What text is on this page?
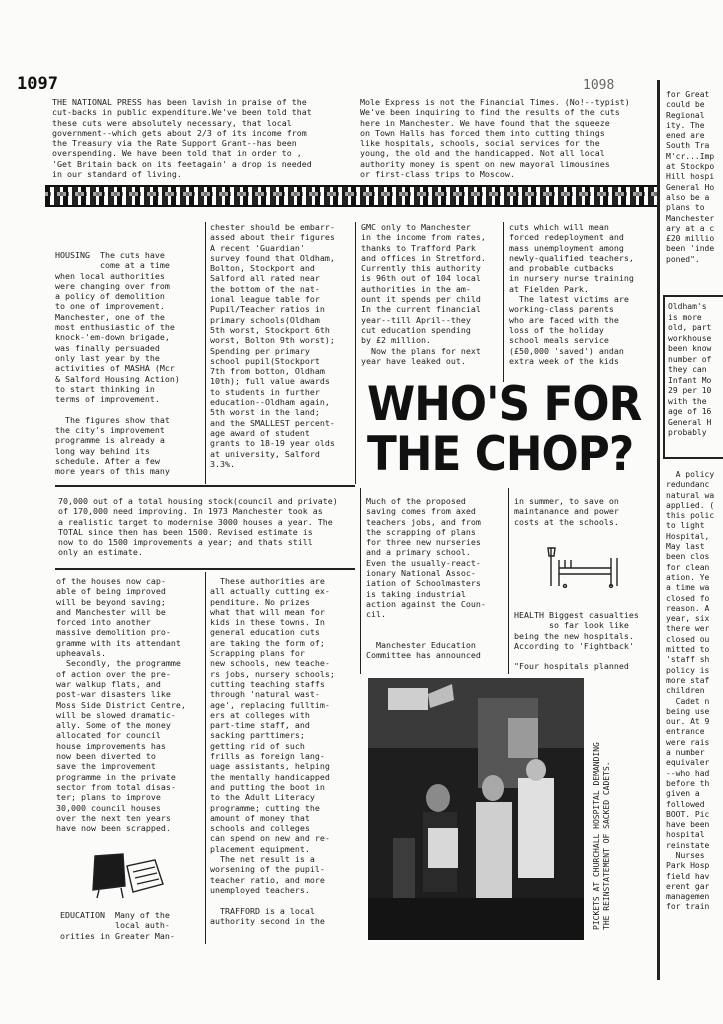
1097	1098
THE NATIONAL PRESS has been lavish in praise of the
cut-backs in public expenditure.We've been told that
these cuts were absolutely necessary, that local
government--which gets about 2/3 of its income from
the Treasury via the Rate Support Grant--has been
overspending. We have been told that in order to ,
'Get Britain back on its feetagain' a drop is needed
in our standard of living.
Mole Express is not the Financial Times. (No!--typist)
We've been inquiring to find the results of the cuts
here in Manchester. We have found that the squeeze
on Town Halls has forced them into cutting things
like hospitals, schools, social services for the
young, the old and the handicapped. Not all local
authority money is spent on new mayoral limousines
or first-class trips to Moscow.
HOUSING  The cuts have
come at a time
when local authorities
were changing over from
a policy of demolition
to one of improvement.
Manchester, one of the
most enthusiastic of the
knock-'em-down brigade,
was finally persuaded
only last year by the
activities of MASHA (Mcr
& Salford Housing Action)
to start thinking in
terms of improvement.

The figures show that
the city's improvement
programme is already a
long way behind its
schedule. After a few
more years of this many
chester should be embarr-
assed about their figures
A recent 'Guardian'
survey found that Oldham,
Bolton, Stockport and
Salford all rated near
the bottom of the nat-
ional league table for
Pupil/Teacher ratios in
primary schools(Oldham
5th worst, Stockport 6th
worst, Bolton 9th worst);
Spending per primary
school pupil(Stockport
7th from botton, Oldham
10th); full value awards
to students in further
education--Oldham again,
5th worst in the land;
and the SMALLEST percent-
age award of student
grants to 18-19 year olds
at university, Salford
3.3%.
GMC only to Manchester
in the income from rates,
thanks to Trafford Park
and offices in Stretford.
Currently this authority
is 96th out of 104 local
authorities in the am-
ount it spends per child
In the current financial
year--till April--they
cut education spending
by £2 million.
Now the plans for next
year have leaked out.
cuts which will mean
forced redeployment and
mass unemployment among
newly-qualified teachers,
and probable cutbacks
in nursery nurse training
at Fielden Park.
The latest victims are
working-class parents
who are faced with the
loss of the holiday
school meals service
(£50,000 'saved') andan
extra week of the kids
WHO'S FOR
THE CHOP?
70,000 out of a total housing stock(council and private)
of 170,000 need improving. In 1973 Manchester took as
a realistic target to modernise 3000 houses a year. The
TOTAL since then has been 1500. Revised estimate is
now to do 1500 improvements a year; and thats still
only an estimate.
Much of the proposed
saving comes from axed
teachers jobs, and from
the scrapping of plans
for three new nurseries
and a primary school.
Even the usually-react-
ionary National Assoc-
iation of Schoolmasters
is taking industrial
action against the Coun-
cil.

Manchester Education
Committee has announced
in summer, to save on
maintanance and power
costs at the schools.
HEALTH Biggest casualties
so far look like
being the new hospitals.
According to 'Fightback'

"Four hospitals planned
of the houses now cap-
able of being improved
will be beyond saving;
and Manchester will be
forced into another
massive demolition pro-
gramme with its attendant
upheavals.
Secondly, the programme
of action over the pre-
war walkup flats, and
post-war disasters like
Moss Side District Centre,
will be slowed dramatic-
ally. Some of the money
allocated for council
house improvements has
now been diverted to
save the improvement
programme in the private
sector from total disas-
ter; plans to improve
30,000 council houses
over the next ten years
have now been scrapped.
EDUCATION  Many of the
local auth-
orities in Greater Man-
These authorities are
all actually cutting ex-
penditure. No prizes
what that will mean for
kids in these towns. In
general education cuts
are taking the form of;
Scrapping plans for
new schools, new teache-
rs jobs, nursery schools;
cutting teaching staffs
through 'natural wast-
age', replacing fulltim-
ers at colleges with
part-time staff, and
sacking parttimers;
getting rid of such
frills as foreign lang-
uage assistants, helping
the mentally handicapped
and putting the boot in
to the Adult Literacy
programme; cutting the
amount of money that
schools and colleges
can spend on new and re-
placement equipment.
The net result is a
worsening of the pupil-
teacher ratio, and more
unemployed teachers.

TRAFFORD is a local
authority second in the	PICKETS AT CHURCHALL HOSPITAL DEMANDING
THE REINSTATEMENT OF SACKED CADETS.
for Great
could be
Regional
ity. The
ened are
South Tra
M'cr...Imp
at Stockpo
Hill hospi
General Ho
also be a
plans to
Manchester
ary at a c
£20 millio
been 'inde
poned".
Oldham's
is more
old, part
workhouse
been know
number of
they can
Infant Mo
29 per 10
with the
age of 16
General H
probably
A policy
redundanc
natural wa
applied. (
this polic
to light
Hospital,
May last
been clos
for clean
ation. Ye
a time wa
closed fo
reason. A
year, six
there wer
closed ou
mitted to
'staff sh
policy is
more staf
children
Cadet n
being use
our. At 9
entrance
were rais
a number
equivaler
--who had
before th
given a
followed
BOOT. Pic
have been
hospital
reinstate
Nurses
Park Hosp
field hav
erent gar
managemen
for train
